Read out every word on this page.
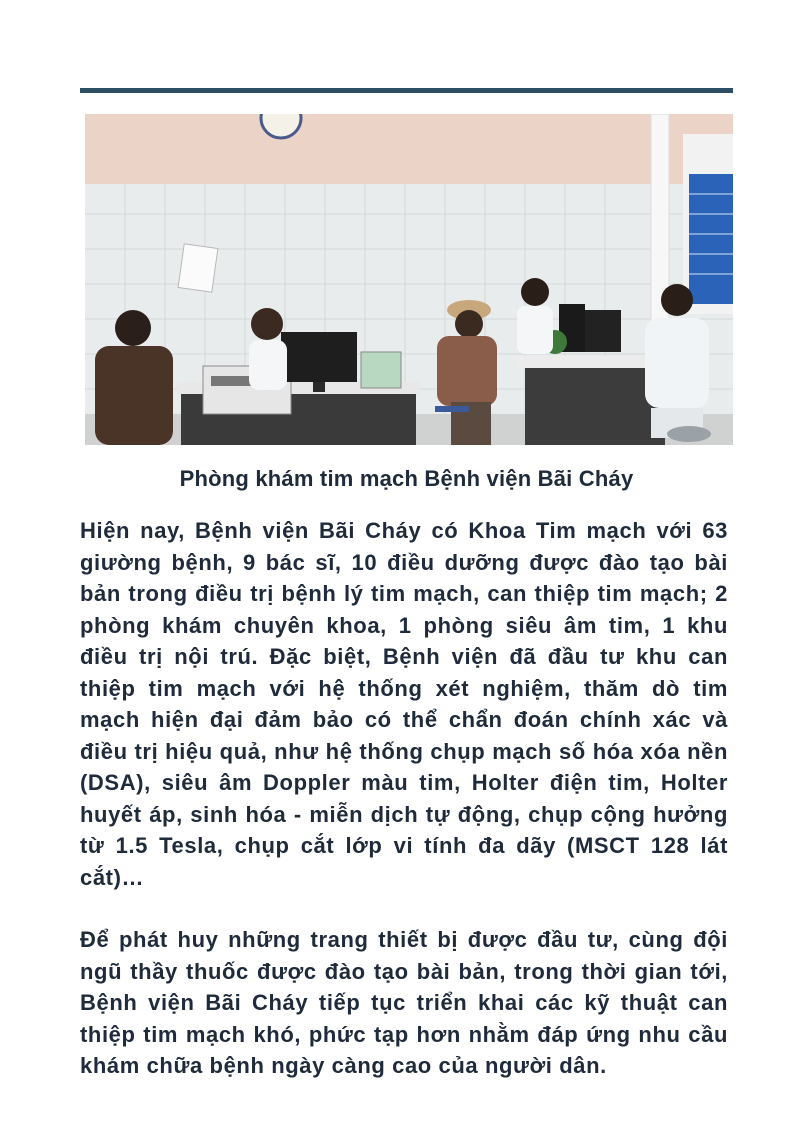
Phòng khám tim mạch Bệnh viện Bãi Cháy

Hiện nay, Bệnh viện Bãi Cháy có Khoa Tim mạch với 63 giường bệnh, 9 bác sĩ, 10 điều dưỡng được đào tạo bài bản trong điều trị bệnh lý tim mạch, can thiệp tim mạch; 2 phòng khám chuyên khoa, 1 phòng siêu âm tim, 1 khu điều trị nội trú. Đặc biệt, Bệnh viện đã đầu tư khu can thiệp tim mạch với hệ thống xét nghiệm, thăm dò tim mạch hiện đại đảm bảo có thể chẩn đoán chính xác và điều trị hiệu quả, như hệ thống chụp mạch số hóa xóa nền (DSA), siêu âm Doppler màu tim, Holter điện tim, Holter huyết áp, sinh hóa - miễn dịch tự động, chụp cộng hưởng từ 1.5 Tesla, chụp cắt lớp vi tính đa dãy (MSCT 128 lát cắt)…

Để phát huy những trang thiết bị được đầu tư, cùng đội ngũ thầy thuốc được đào tạo bài bản, trong thời gian tới, Bệnh viện Bãi Cháy tiếp tục triển khai các kỹ thuật can thiệp tim mạch khó, phức tạp hơn nhằm đáp ứng nhu cầu khám chữa bệnh ngày càng cao của người dân.
